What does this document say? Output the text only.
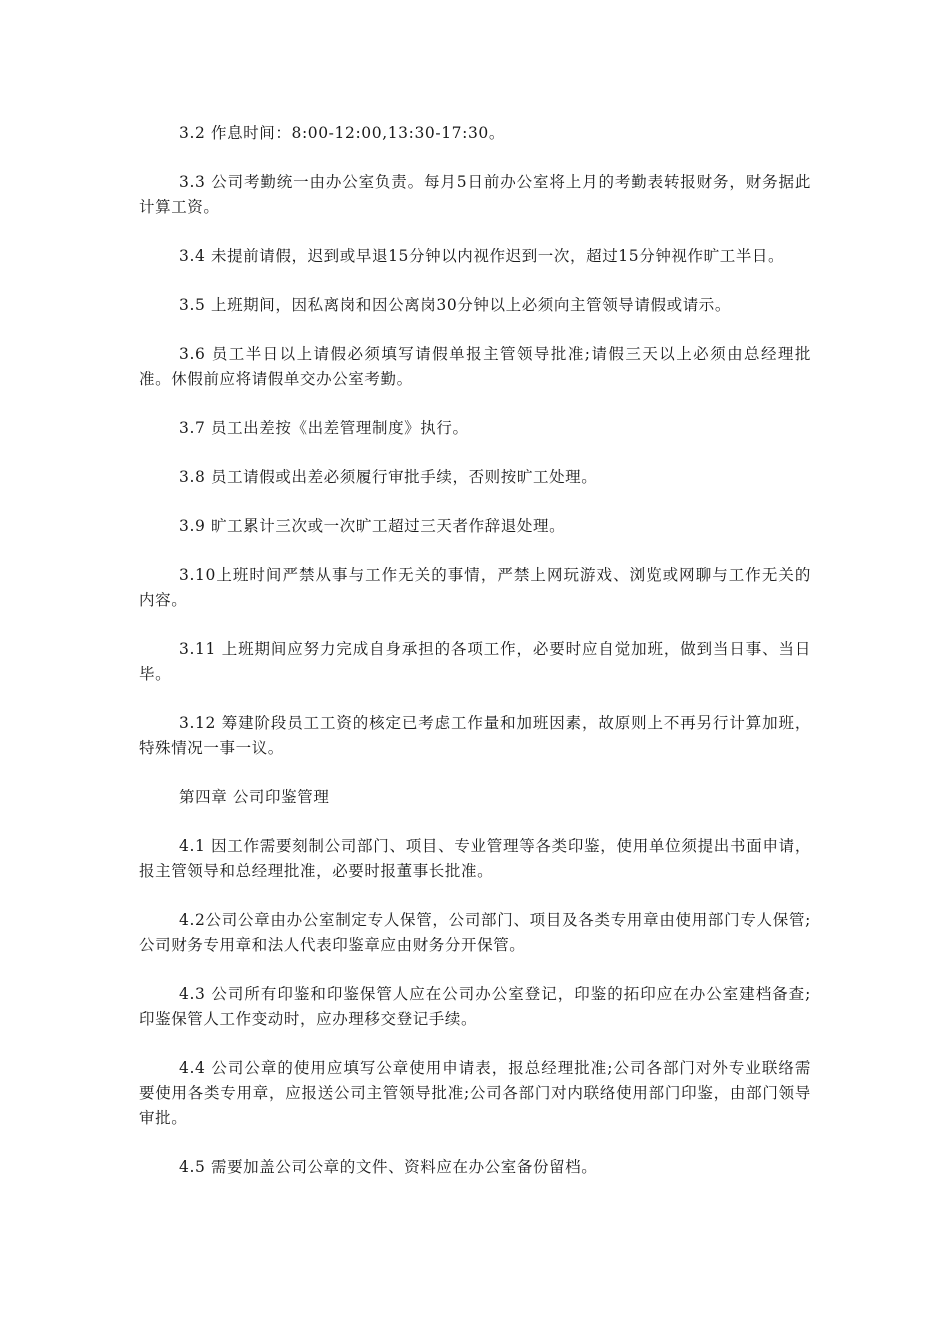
3.2 作息时间：8:00-12:00,13:30-17:30。

3.3 公司考勤统一由办公室负责。每月5日前办公室将上月的考勤表转报财务，财务据此计算工资。

3.4 未提前请假，迟到或早退15分钟以内视作迟到一次，超过15分钟视作旷工半日。

3.5 上班期间，因私离岗和因公离岗30分钟以上必须向主管领导请假或请示。

3.6 员工半日以上请假必须填写请假单报主管领导批准;请假三天以上必须由总经理批准。休假前应将请假单交办公室考勤。

3.7 员工出差按《出差管理制度》执行。

3.8 员工请假或出差必须履行审批手续，否则按旷工处理。

3.9 旷工累计三次或一次旷工超过三天者作辞退处理。

3.10上班时间严禁从事与工作无关的事情，严禁上网玩游戏、浏览或网聊与工作无关的内容。

3.11 上班期间应努力完成自身承担的各项工作，必要时应自觉加班，做到当日事、当日毕。

3.12 筹建阶段员工工资的核定已考虑工作量和加班因素，故原则上不再另行计算加班，特殊情况一事一议。

第四章 公司印鉴管理

4.1 因工作需要刻制公司部门、项目、专业管理等各类印鉴，使用单位须提出书面申请，报主管领导和总经理批准，必要时报董事长批准。

4.2公司公章由办公室制定专人保管，公司部门、项目及各类专用章由使用部门专人保管;公司财务专用章和法人代表印鉴章应由财务分开保管。

4.3 公司所有印鉴和印鉴保管人应在公司办公室登记，印鉴的拓印应在办公室建档备查;印鉴保管人工作变动时，应办理移交登记手续。

4.4 公司公章的使用应填写公章使用申请表，报总经理批准;公司各部门对外专业联络需要使用各类专用章，应报送公司主管领导批准;公司各部门对内联络使用部门印鉴，由部门领导审批。

4.5 需要加盖公司公章的文件、资料应在办公室备份留档。
